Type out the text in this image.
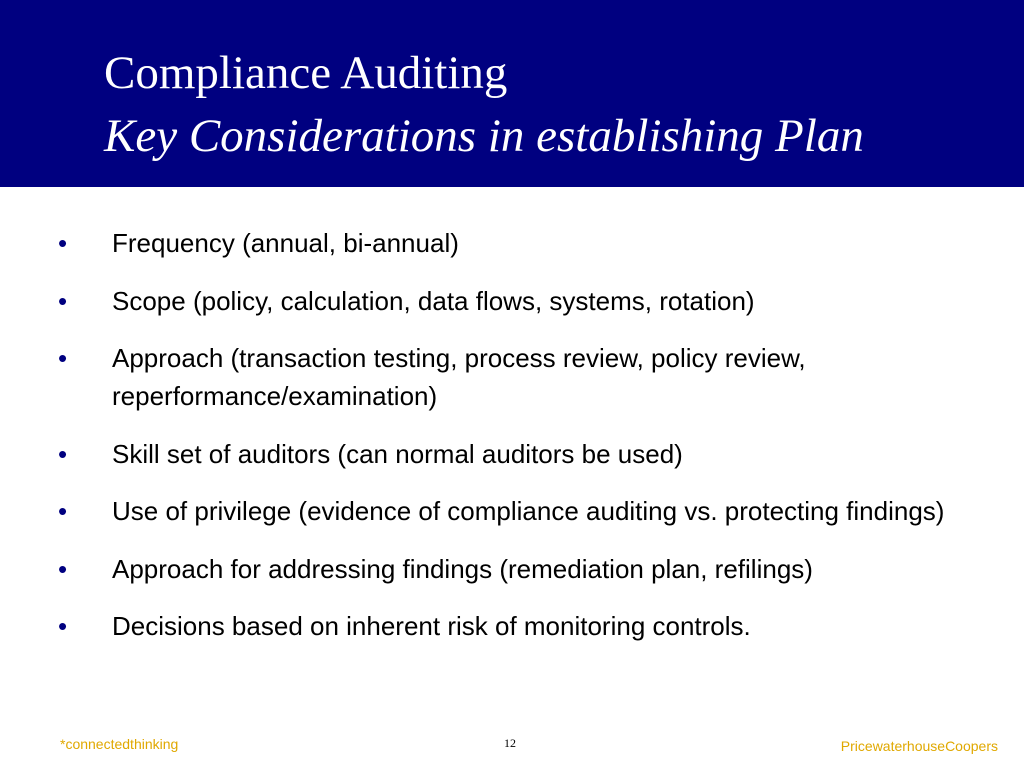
Compliance Auditing
Key Considerations in establishing Plan
• Frequency (annual, bi-annual)
• Scope (policy, calculation, data flows, systems, rotation)
• Approach (transaction testing, process review, policy review, reperformance/examination)
• Skill set of auditors (can normal auditors be used)
• Use of privilege (evidence of compliance auditing vs. protecting findings)
• Approach for addressing findings (remediation plan, refilings)
• Decisions based on inherent risk of monitoring controls.
*connectedthinking	12	PricewaterhouseCoopers
